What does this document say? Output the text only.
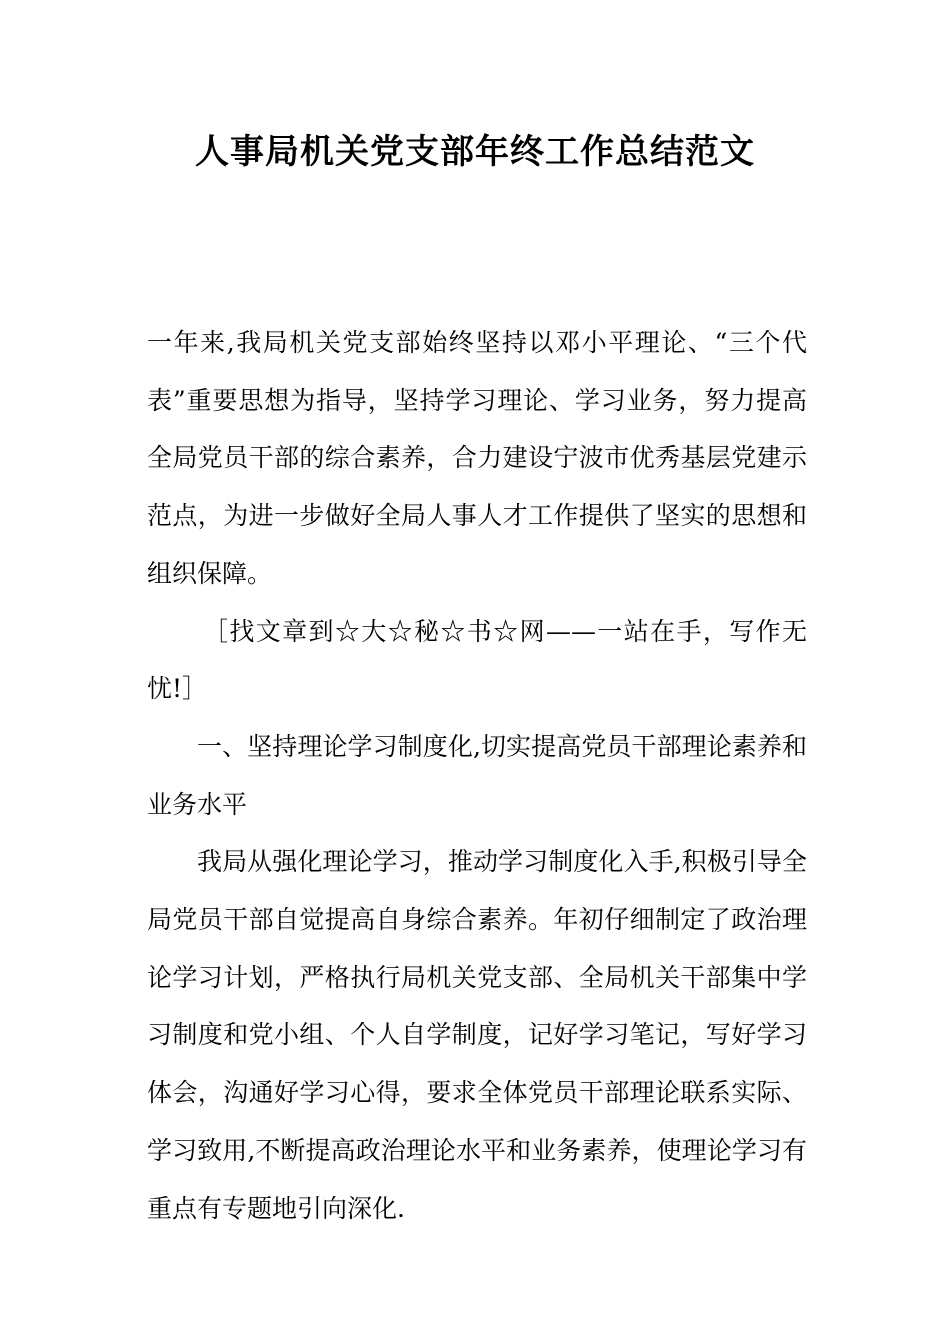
人事局机关党支部年终工作总结范文

一年来,我局机关党支部始终坚持以邓小平理论、“三个代表”重要思想为指导，坚持学习理论、学习业务，努力提高全局党员干部的综合素养，合力建设宁波市优秀基层党建示范点，为进一步做好全局人事人才工作提供了坚实的思想和组织保障。

［找文章到☆大☆秘☆书☆网——一站在手，写作无忧!］

一、坚持理论学习制度化,切实提高党员干部理论素养和业务水平

我局从强化理论学习，推动学习制度化入手,积极引导全局党员干部自觉提高自身综合素养。年初仔细制定了政治理论学习计划，严格执行局机关党支部、全局机关干部集中学习制度和党小组、个人自学制度，记好学习笔记，写好学习体会，沟通好学习心得，要求全体党员干部理论联系实际、学习致用,不断提高政治理论水平和业务素养，使理论学习有重点有专题地引向深化.
